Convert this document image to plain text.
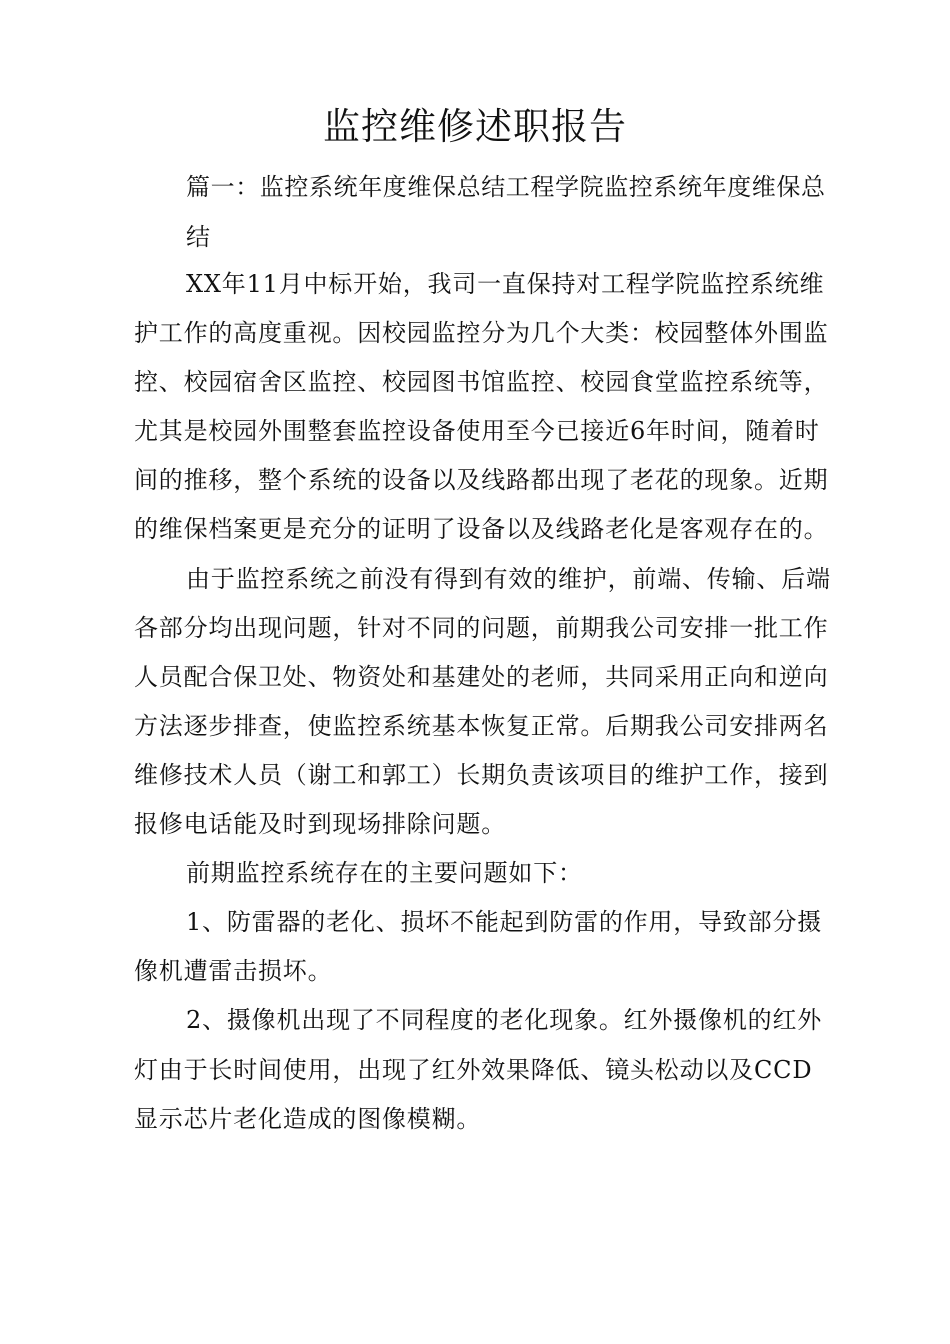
监控维修述职报告

篇一：监控系统年度维保总结工程学院监控系统年度维保总结

XX年11月中标开始，我司一直保持对工程学院监控系统维护工作的高度重视。因校园监控分为几个大类：校园整体外围监控、校园宿舍区监控、校园图书馆监控、校园食堂监控系统等，尤其是校园外围整套监控设备使用至今已接近6年时间，随着时间的推移，整个系统的设备以及线路都出现了老花的现象。近期的维保档案更是充分的证明了设备以及线路老化是客观存在的。

由于监控系统之前没有得到有效的维护，前端、传输、后端各部分均出现问题，针对不同的问题，前期我公司安排一批工作人员配合保卫处、物资处和基建处的老师，共同采用正向和逆向方法逐步排查，使监控系统基本恢复正常。后期我公司安排两名维修技术人员（谢工和郭工）长期负责该项目的维护工作，接到报修电话能及时到现场排除问题。

前期监控系统存在的主要问题如下：

1、防雷器的老化、损坏不能起到防雷的作用，导致部分摄像机遭雷击损坏。

2、摄像机出现了不同程度的老化现象。红外摄像机的红外灯由于长时间使用，出现了红外效果降低、镜头松动以及CCD显示芯片老化造成的图像模糊。
